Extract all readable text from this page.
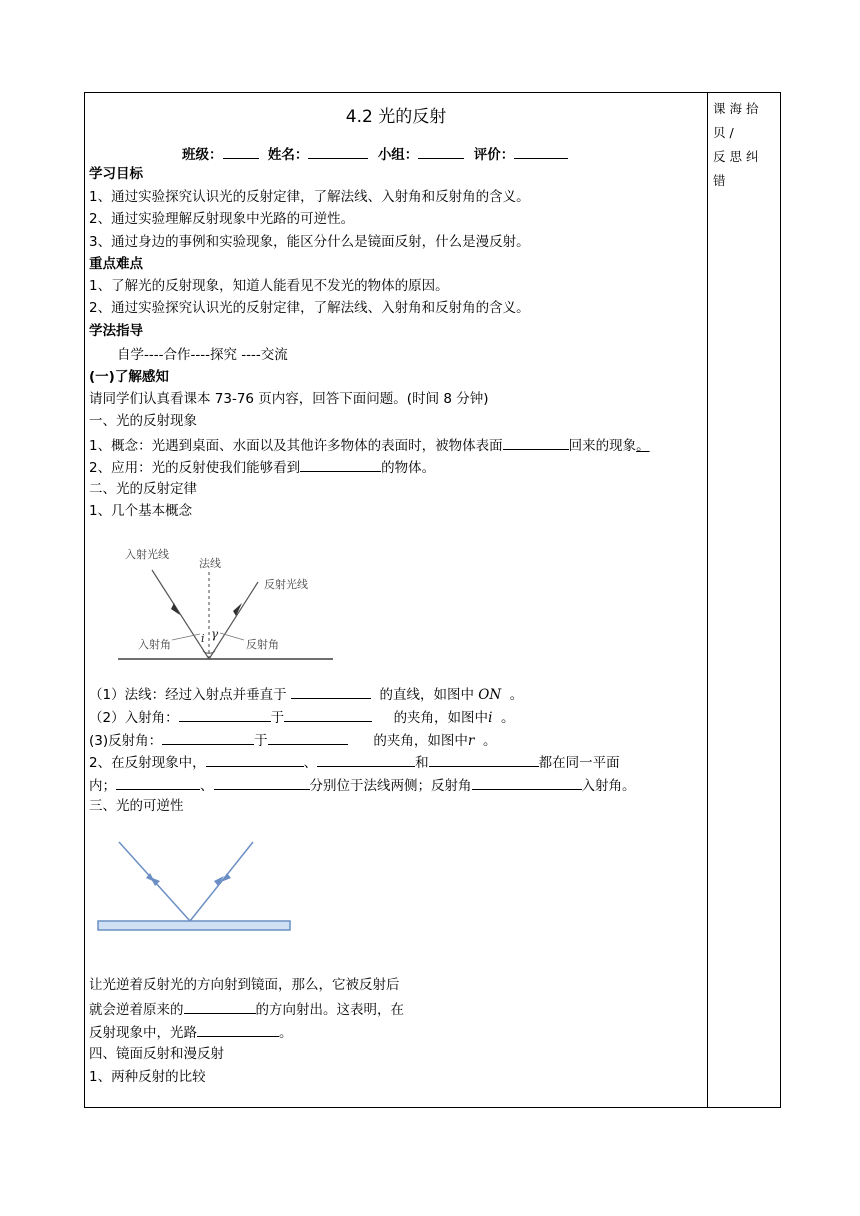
课海拾贝/
反思纠错
4.2 光的反射
班级：	姓名：	小组：	评价：
学习目标
1、通过实验探究认识光的反射定律，了解法线、入射角和反射角的含义。
2、通过实验理解反射现象中光路的可逆性。
3、通过身边的事例和实验现象，能区分什么是镜面反射，什么是漫反射。
重点难点
1、了解光的反射现象，知道人能看见不发光的物体的原因。
2、通过实验探究认识光的反射定律，了解法线、入射角和反射角的含义。
学法指导
自学----合作----探究 ----交流
(一)了解感知
请同学们认真看课本 73-76 页内容，回答下面问题。(时间 8 分钟)
一、光的反射现象
1、概念：光遇到桌面、水面以及其他许多物体的表面时，被物体表面	回来的现象。
2、应用：光的反射使我们能够看到	的物体。
二、光的反射定律
1、几个基本概念
入射光线
法线
反射光线
入射角	反射角
i γ
（1）法线：经过入射点并垂直于	的直线，如图中 ON 。
（2）入射角：	于	的夹角，如图中i 。
(3)反射角：	于	的夹角，如图中r 。
2、在反射现象中，	、	和	都在同一平面
内；	、	分别位于法线两侧；反射角	入射角。
三、光的可逆性
让光逆着反射光的方向射到镜面，那么，它被反射后
就会逆着原来的	的方向射出。这表明，在
反射现象中，光路	。
四、镜面反射和漫反射
1、两种反射的比较
